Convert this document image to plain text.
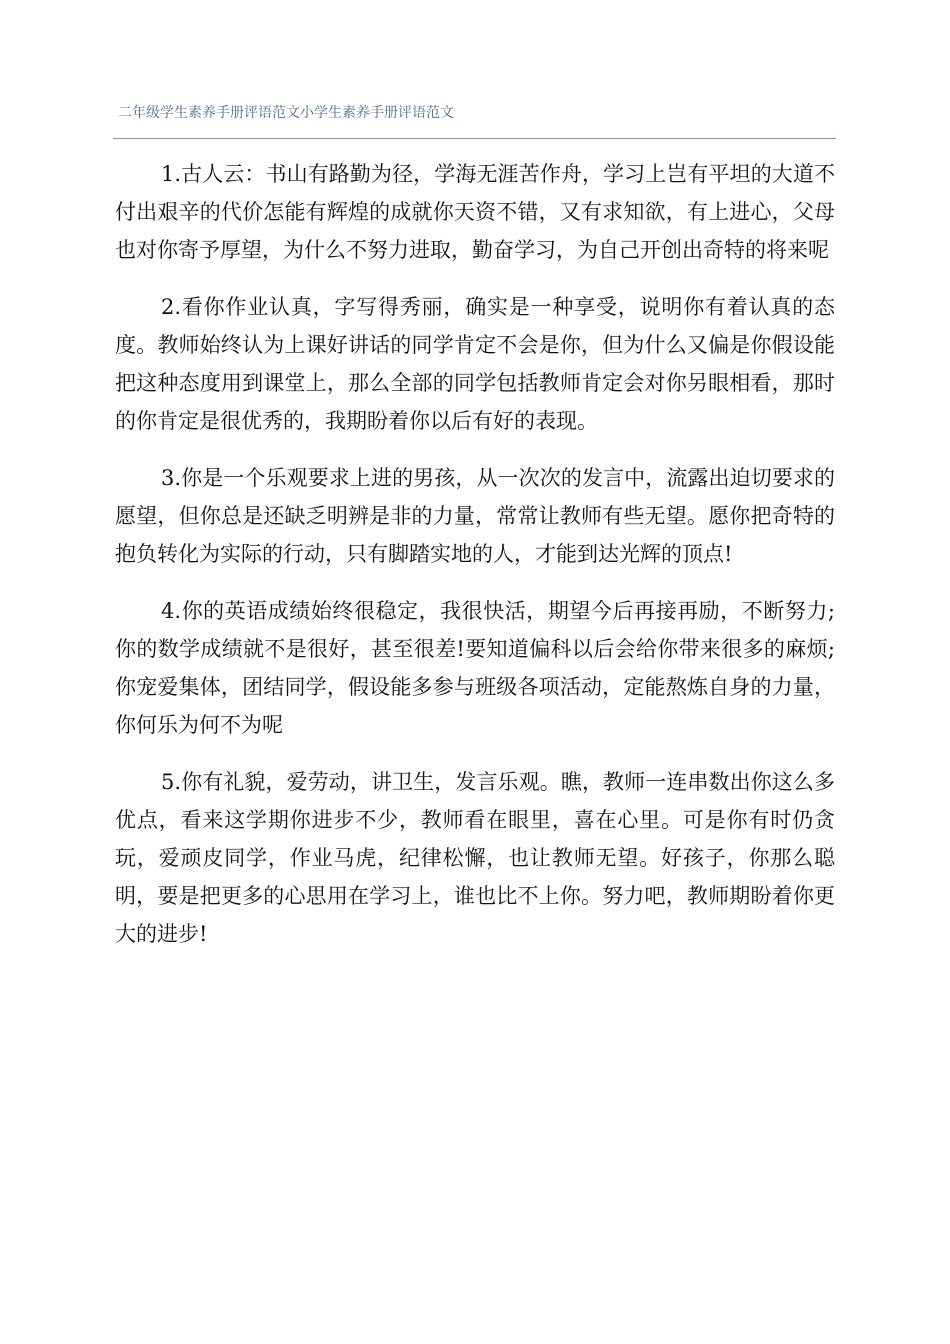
二年级学生素养手册评语范文小学生素养手册评语范文

1.古人云：书山有路勤为径，学海无涯苦作舟，学习上岂有平坦的大道不付出艰辛的代价怎能有辉煌的成就你天资不错，又有求知欲，有上进心，父母也对你寄予厚望，为什么不努力进取，勤奋学习，为自己开创出奇特的将来呢

2.看你作业认真，字写得秀丽，确实是一种享受，说明你有着认真的态度。教师始终认为上课好讲话的同学肯定不会是你，但为什么又偏是你假设能把这种态度用到课堂上，那么全部的同学包括教师肯定会对你另眼相看，那时的你肯定是很优秀的，我期盼着你以后有好的表现。

3.你是一个乐观要求上进的男孩，从一次次的发言中，流露出迫切要求的愿望，但你总是还缺乏明辨是非的力量，常常让教师有些无望。愿你把奇特的抱负转化为实际的行动，只有脚踏实地的人，才能到达光辉的顶点!

4.你的英语成绩始终很稳定，我很快活，期望今后再接再励，不断努力;你的数学成绩就不是很好，甚至很差!要知道偏科以后会给你带来很多的麻烦;你宠爱集体，团结同学，假设能多参与班级各项活动，定能熬炼自身的力量，你何乐为何不为呢

5.你有礼貌，爱劳动，讲卫生，发言乐观。瞧，教师一连串数出你这么多优点，看来这学期你进步不少，教师看在眼里，喜在心里。可是你有时仍贪玩，爱顽皮同学，作业马虎，纪律松懈，也让教师无望。好孩子，你那么聪明，要是把更多的心思用在学习上，谁也比不上你。努力吧，教师期盼着你更大的进步!
